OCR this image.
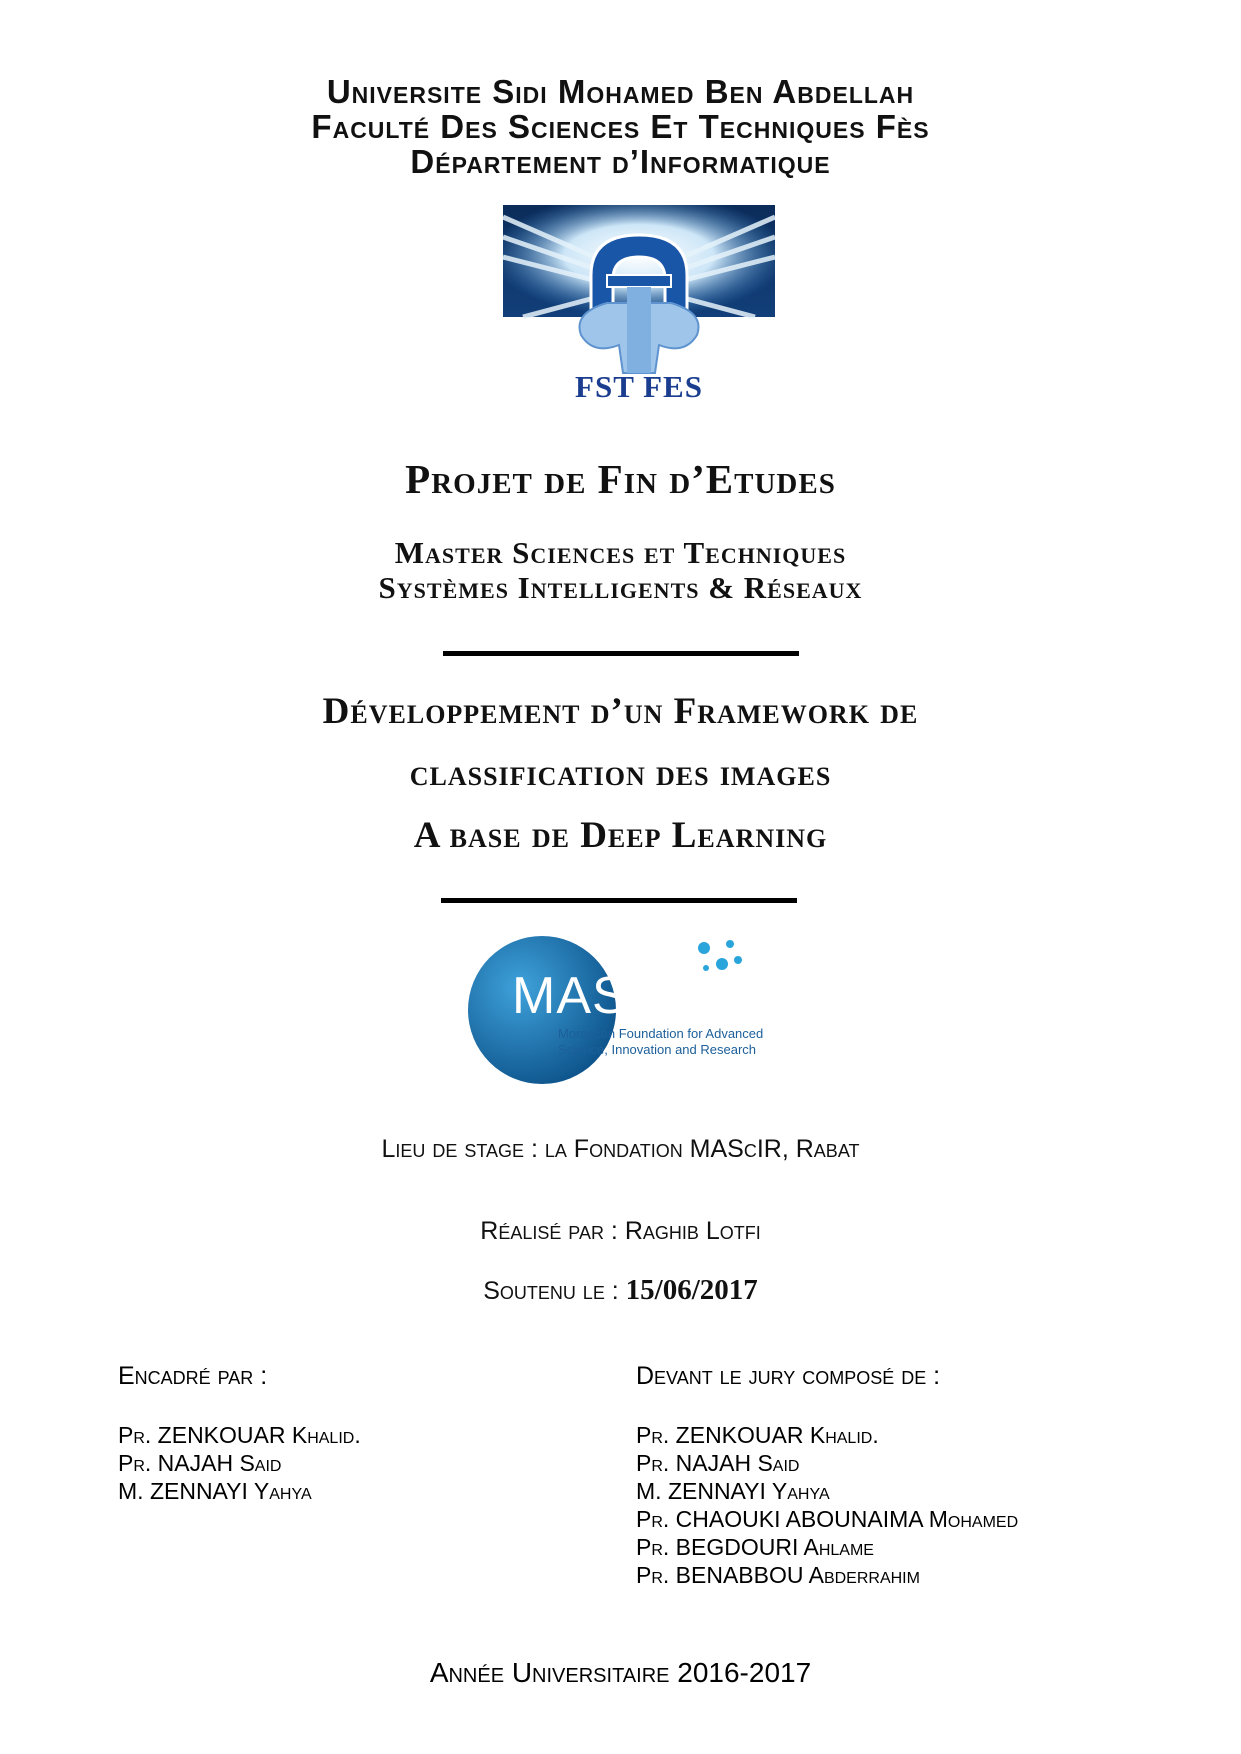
Universite Sidi Mohamed Ben Abdellah
Faculté Des Sciences Et Techniques Fès
Département d’Informatique
FST FES
Projet de Fin d’Etudes
Master Sciences et Techniques
Systèmes Intelligents & Réseaux
Développement d’un Framework de
classification des images
A base de Deep Learning
MAScIR
Moroccan Foundation for Advanced
Science, Innovation and Research
Lieu de stage : la Fondation MAScIR, Rabat
Réalisé par : Raghib Lotfi
Soutenu le : 15/06/2017
Encadré par :
Pr. ZENKOUAR Khalid.
Pr. NAJAH Said
M. ZENNAYI Yahya
Devant le jury composé de :
Pr. ZENKOUAR Khalid.
Pr. NAJAH Said
M. ZENNAYI Yahya
Pr. CHAOUKI ABOUNAIMA Mohamed
Pr. BEGDOURI Ahlame
Pr. BENABBOU Abderrahim
Année Universitaire 2016-2017
